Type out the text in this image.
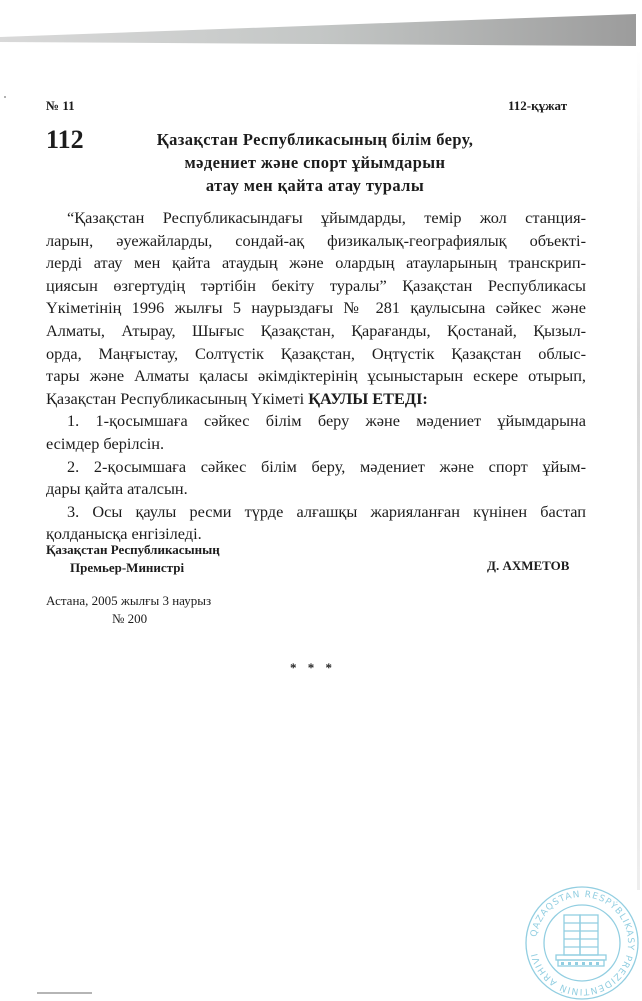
№ 11	112-құжат
112	Қазақстан Республикасының білім беру,
мәдениет және спорт ұйымдарын
атау мен қайта атау туралы
“Қазақстан Республикасындағы ұйымдарды, темір жол станция-
ларын, әуежайларды, сондай-ақ физикалық-географиялық объекті-
лерді атау мен қайта атаудың және олардың атауларының транскрип-
циясын өзгертудің тәртібін бекіту туралы” Қазақстан Республикасы
Үкіметінің 1996 жылғы 5 наурыздағы № 281 қаулысына сәйкес және
Алматы, Атырау, Шығыс Қазақстан, Қарағанды, Қостанай, Қызыл-
орда, Маңғыстау, Солтүстік Қазақстан, Оңтүстік Қазақстан облыс-
тары және Алматы қаласы әкімдіктерінің ұсыныстарын ескере отырып,
Қазақстан Республикасының Үкіметі ҚАУЛЫ ЕТЕДІ:
1. 1-қосымшаға сәйкес білім беру және мәдениет ұйымдарына
есімдер берілсін.
2. 2-қосымшаға сәйкес білім беру, мәдениет және спорт ұйым-
дары қайта аталсын.
3. Осы қаулы ресми түрде алғашқы жарияланған күнінен бастап
қолданысқа енгізіледі.
Қазақстан Республикасының
Премьер-Министрі	Д. АХМЕТОВ
Астана, 2005 жылғы 3 наурыз
№ 200
* * *
QAZAQSTAN RESPÝBLIKASY PREZIDENTINIŃ ARHIVI
